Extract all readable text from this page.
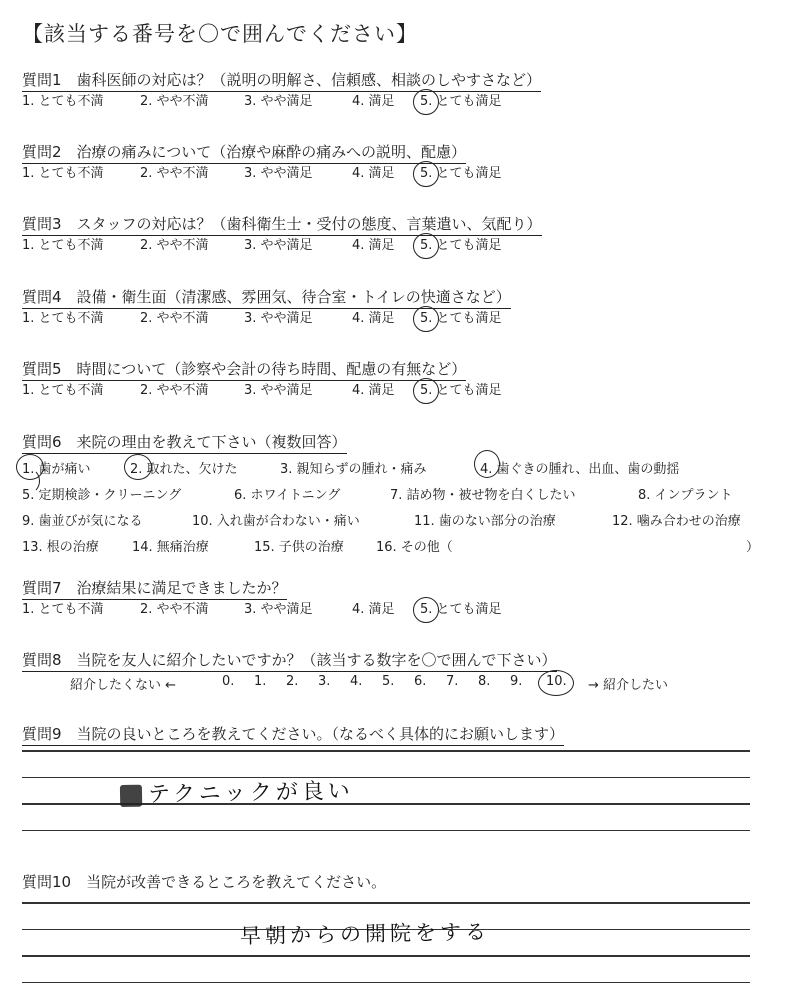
【該当する番号を〇で囲んでください】
質問1　歯科医師の対応は？（説明の明解さ、信頼感、相談のしやすさなど）
1. とても不満	2. やや不満	3. やや満足	4. 満足 5. とても満足
質問2　治療の痛みについて（治療や麻酔の痛みへの説明、配慮）
1. とても不満	2. やや不満	3. やや満足	4. 満足 5. とても満足
質問3　スタッフの対応は？（歯科衛生士・受付の態度、言葉遣い、気配り）
1. とても不満	2. やや不満	3. やや満足	4. 満足 5. とても満足
質問4　設備・衛生面（清潔感、雰囲気、待合室・トイレの快適さなど）
1. とても不満	2. やや不満	3. やや満足	4. 満足 5. とても満足
質問5　時間について（診察や会計の待ち時間、配慮の有無など）
1. とても不満	2. やや不満	3. やや満足	4. 満足 5. とても満足
質問6　来院の理由を教えて下さい（複数回答）
1. 歯が痛い	2. 取れた、欠けた	3. 親知らずの腫れ・痛み	4. 歯ぐきの腫れ、出血、歯の動揺
5. 定期検診・クリーニング	6. ホワイトニング	7. 詰め物・被せ物を白くしたい	8. インプラント
9. 歯並びが気になる	10. 入れ歯が合わない・痛い	11. 歯のない部分の治療	12. 噛み合わせの治療
13. 根の治療	14. 無痛治療	15. 子供の治療 16. その他（	）
質問7　治療結果に満足できましたか？
1. とても不満	2. やや不満	3. やや満足	4. 満足 5. とても満足
質問8　当院を友人に紹介したいですか？（該当する数字を〇で囲んで下さい）
紹介したくない ←	0. 1. 2. 3. 4. 5. 6. 7. 8. 9. 10. → 紹介したい
質問9　当院の良いところを教えてください。（なるべく具体的にお願いします）
テクニックが良い
質問10　当院が改善できるところを教えてください。
早朝からの開院をする
